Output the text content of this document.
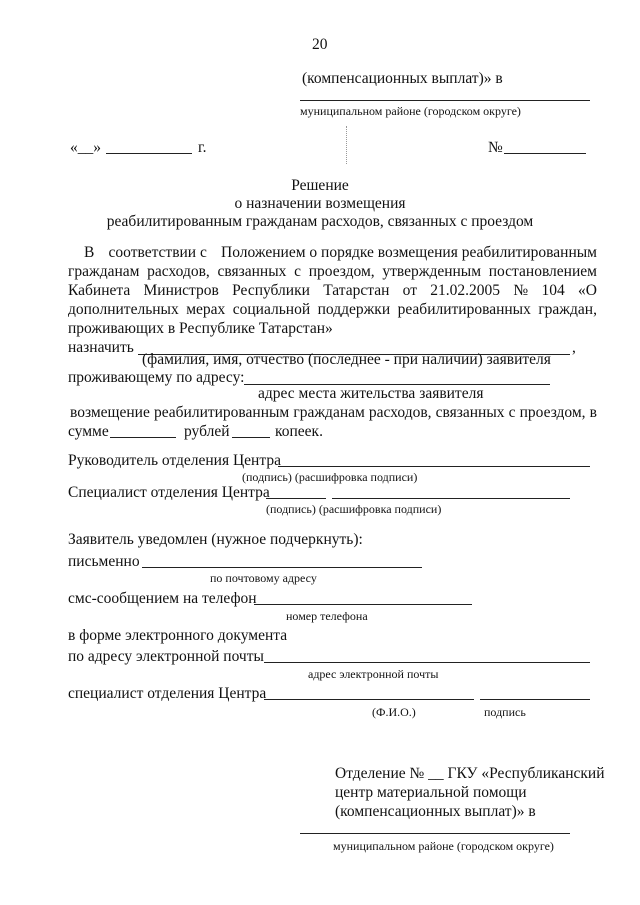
20
(компенсационных выплат)» в
муниципальном районе (городском округе)
«__»	г.	№
Решение
о назначении возмещения
реабилитированным гражданам расходов, связанных с проездом
В соответствии с Положением о порядке возмещения реабилитированным
гражданам расходов, связанных с проездом, утвержденным постановлением
Кабинета Министров Республики Татарстан от 21.02.2005 № 104 «О
дополнительных мерах социальной поддержки реабилитированных граждан,
проживающих в Республике Татарстан»
назначить	,
(фамилия, имя, отчество (последнее - при наличии) заявителя
проживающему по адресу:
адрес места жительства заявителя
возмещение реабилитированным гражданам расходов, связанных с проездом, в
сумме	рублей	копеек.
Руководитель отделения Центра
(подпись) (расшифровка подписи)
Специалист отделения Центра
(подпись) (расшифровка подписи)
Заявитель уведомлен (нужное подчеркнуть):
письменно
по почтовому адресу
смс-сообщением на телефон
номер телефона
в форме электронного документа
по адресу электронной почты
адрес электронной почты
специалист отделения Центра
(Ф.И.О.)	подпись
Отделение № __ ГКУ «Республиканский
центр материальной помощи
(компенсационных выплат)» в
муниципальном районе (городском округе)
